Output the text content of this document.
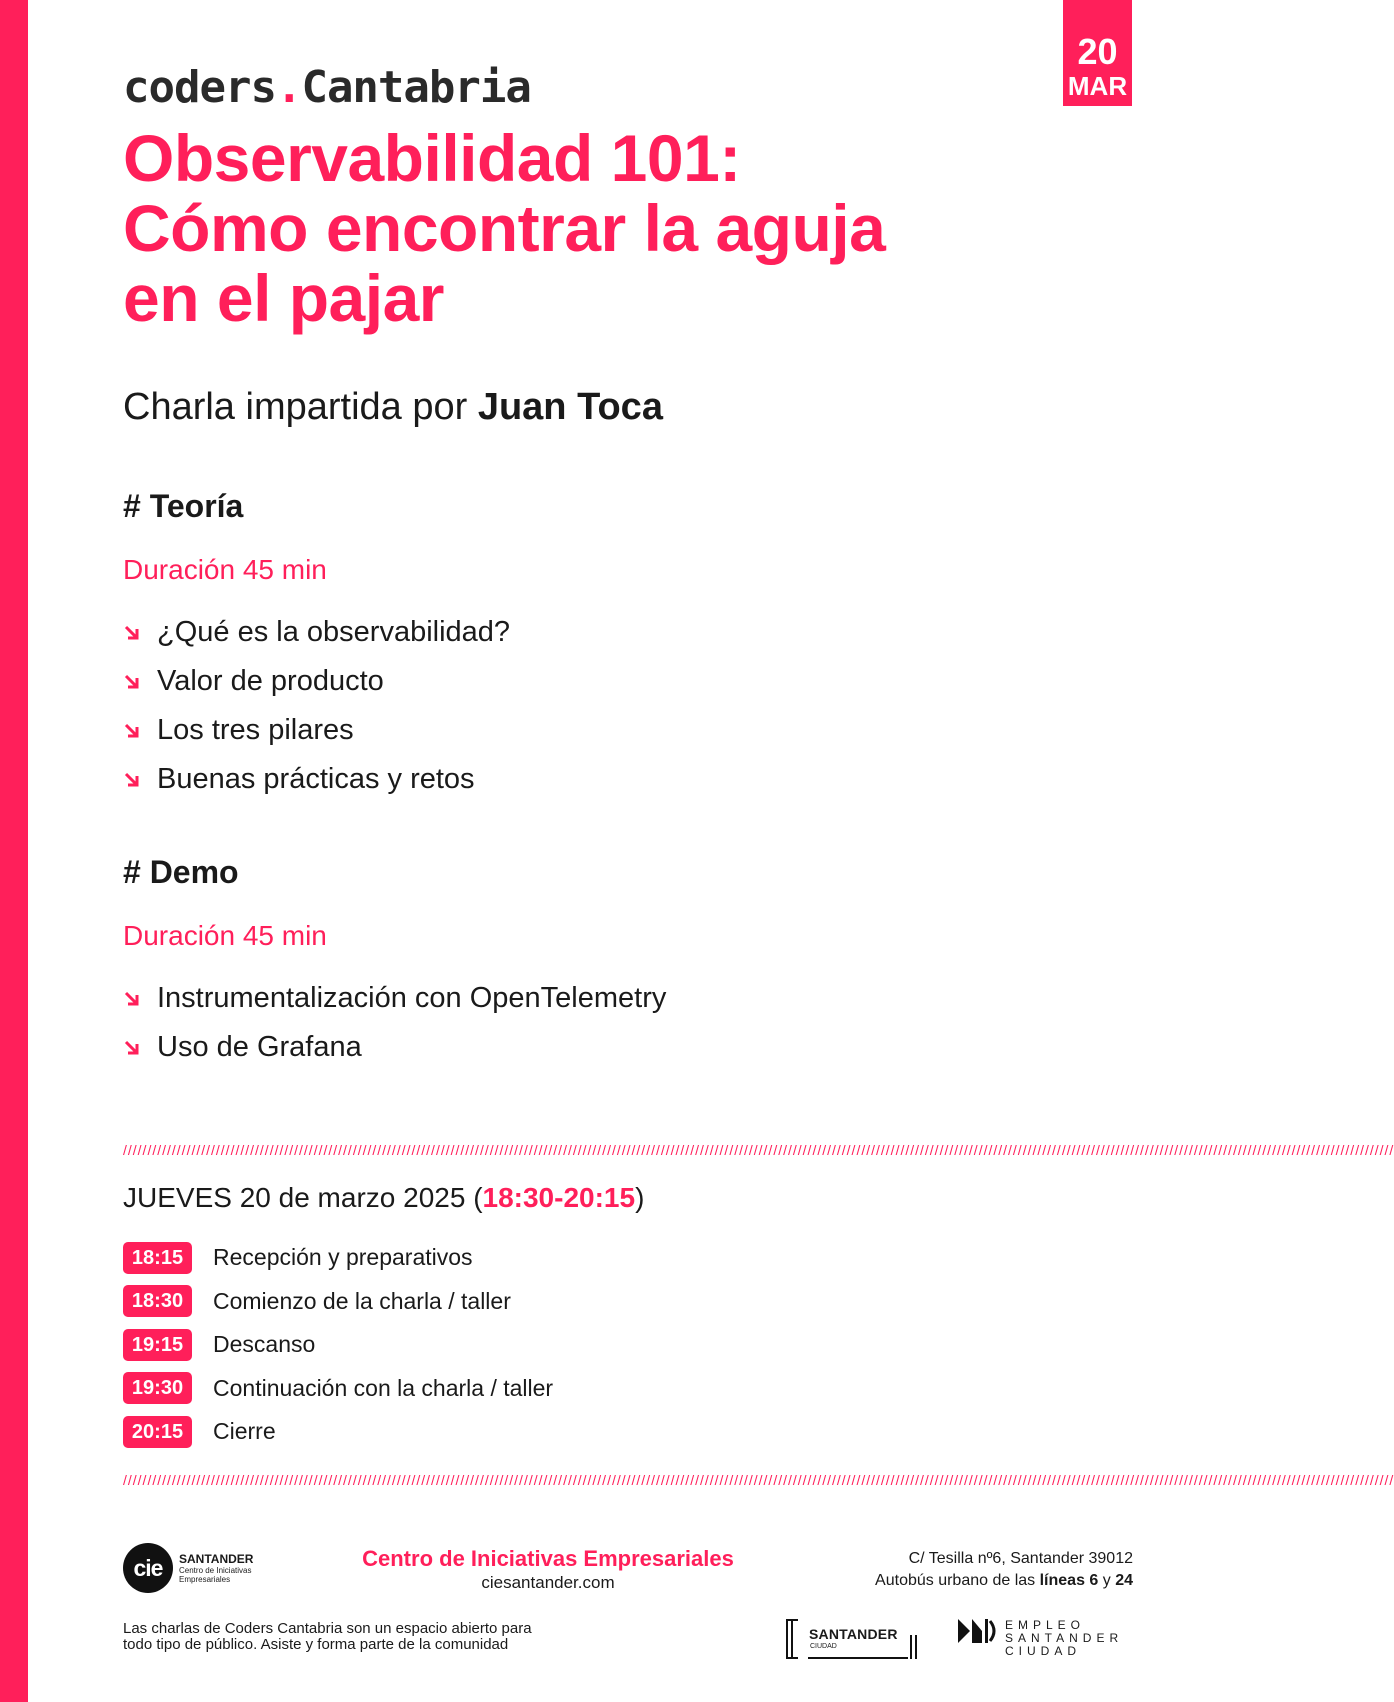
20
MAR
coders.Cantabria
Observabilidad 101:
Cómo encontrar la aguja
en el pajar
Charla impartida por Juan Toca
# Teoría
Duración 45 min
¿Qué es la observabilidad?
Valor de producto
Los tres pilares
Buenas prácticas y retos
# Demo
Duración 45 min
Instrumentalización con OpenTelemetry
Uso de Grafana
////////////////////////////////////////////////////////////////////////////////////////////////////////////////////////////////////////////////////////////////////////////////////////////////////////////////////////////////////////////////////////////////////
JUEVES 20 de marzo 2025 (18:30-20:15)
18:15	Recepción y preparativos
18:30	Comienzo de la charla / taller
19:15	Descanso
19:30	Continuación con la charla / taller
20:15	Cierre
////////////////////////////////////////////////////////////////////////////////////////////////////////////////////////////////////////////////////////////////////////////////////////////////////////////////////////////////////////////////////////////////////
cie	SANTANDER
Centro de Iniciativas
Empresariales
Centro de Iniciativas Empresariales
ciesantander.com
C/ Tesilla nº6, Santander 39012
Autobús urbano de las líneas 6 y 24
Las charlas de Coders Cantabria son un espacio abierto para
todo tipo de público. Asiste y forma parte de la comunidad
SANTANDER
CIUDAD
EMPLEO
SANTANDER
CIUDAD
